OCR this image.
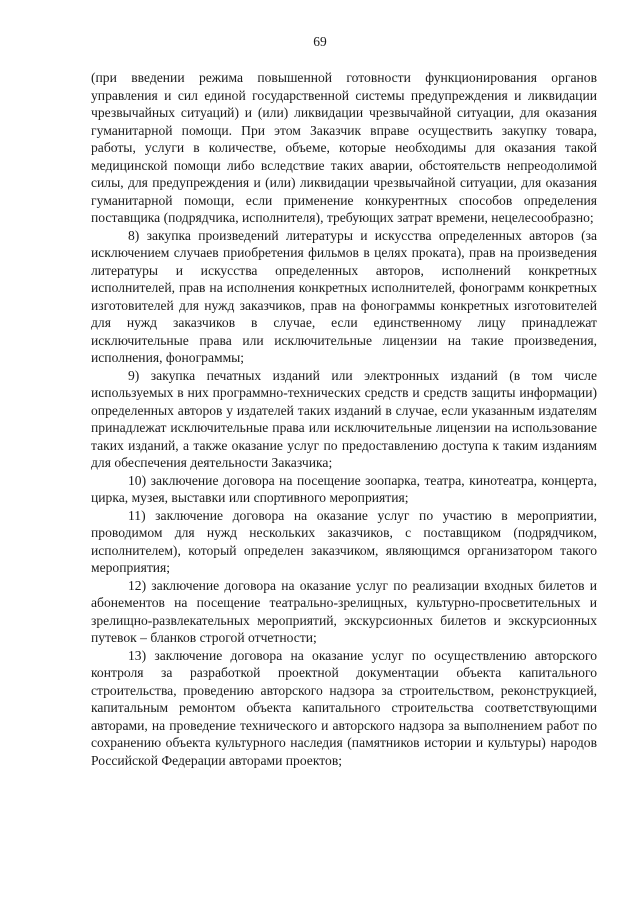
69

(при введении режима повышенной готовности функционирования органов управления и сил единой государственной системы предупреждения и ликвидации чрезвычайных ситуаций) и (или) ликвидации чрезвычайной ситуации, для оказания гуманитарной помощи. При этом Заказчик вправе осуществить закупку товара, работы, услуги в количестве, объеме, которые необходимы для оказания такой медицинской помощи либо вследствие таких аварии, обстоятельств непреодолимой силы, для предупреждения и (или) ликвидации чрезвычайной ситуации, для оказания гуманитарной помощи, если применение конкурентных способов определения поставщика (подрядчика, исполнителя), требующих затрат времени, нецелесообразно;

8) закупка произведений литературы и искусства определенных авторов (за исключением случаев приобретения фильмов в целях проката), прав на произведения литературы и искусства определенных авторов, исполнений конкретных исполнителей, прав на исполнения конкретных исполнителей, фонограмм конкретных изготовителей для нужд заказчиков, прав на фонограммы конкретных изготовителей для нужд заказчиков в случае, если единственному лицу принадлежат исключительные права или исключительные лицензии на такие произведения, исполнения, фонограммы;

9) закупка печатных изданий или электронных изданий (в том числе используемых в них программно-технических средств и средств защиты информации) определенных авторов у издателей таких изданий в случае, если указанным издателям принадлежат исключительные права или исключительные лицензии на использование таких изданий, а также оказание услуг по предоставлению доступа к таким изданиям для обеспечения деятельности Заказчика;

10) заключение договора на посещение зоопарка, театра, кинотеатра, концерта, цирка, музея, выставки или спортивного мероприятия;

11) заключение договора на оказание услуг по участию в мероприятии, проводимом для нужд нескольких заказчиков, с поставщиком (подрядчиком, исполнителем), который определен заказчиком, являющимся организатором такого мероприятия;

12) заключение договора на оказание услуг по реализации входных билетов и абонементов на посещение театрально-зрелищных, культурно-просветительных и зрелищно-развлекательных мероприятий, экскурсионных билетов и экскурсионных путевок – бланков строгой отчетности;

13) заключение договора на оказание услуг по осуществлению авторского контроля за разработкой проектной документации объекта капитального строительства, проведению авторского надзора за строительством, реконструкцией, капитальным ремонтом объекта капитального строительства соответствующими авторами, на проведение технического и авторского надзора за выполнением работ по сохранению объекта культурного наследия (памятников истории и культуры) народов Российской Федерации авторами проектов;
